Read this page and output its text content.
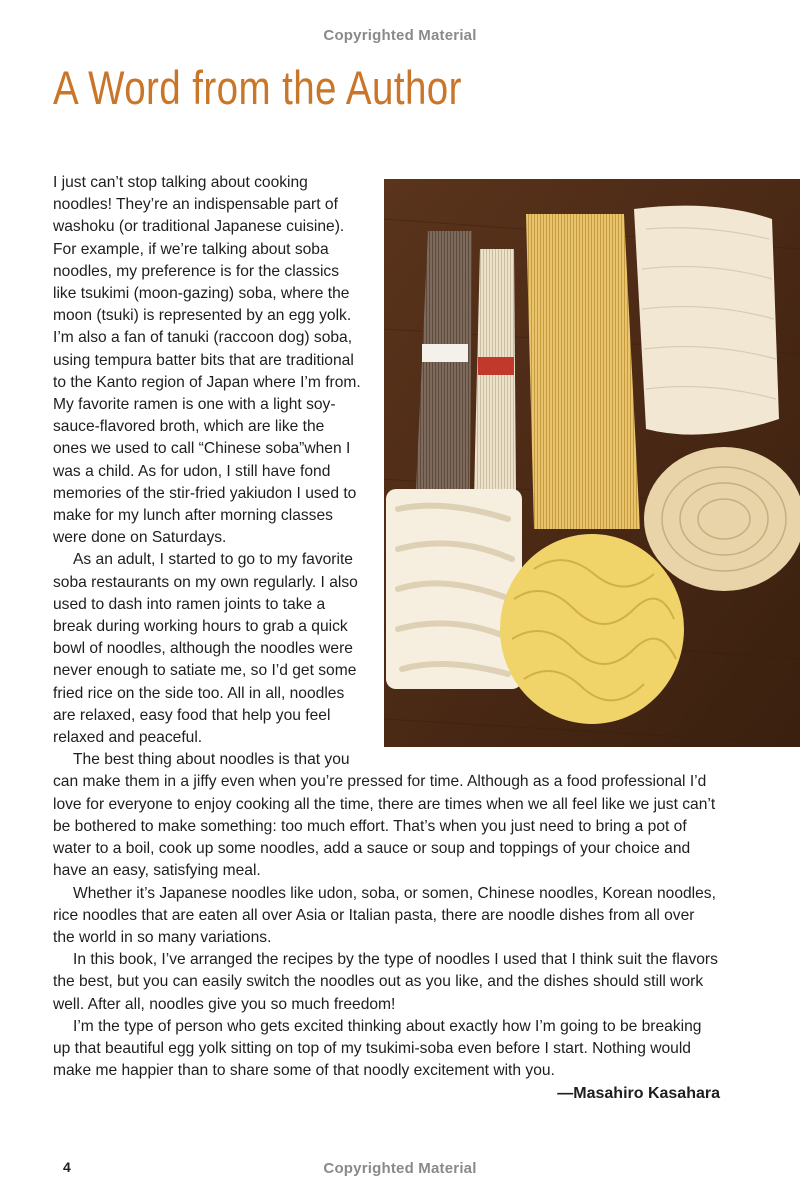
Copyrighted Material
A Word from the Author

I just can’t stop talking about cooking noodles! They’re an indispensable part of washoku (or traditional Japanese cuisine). For example, if we’re talking about soba noodles, my preference is for the classics like tsukimi (moon-gazing) soba, where the moon (tsuki) is represented by an egg yolk. I’m also a fan of tanuki (raccoon dog) soba, using tempura batter bits that are traditional to the Kanto region of Japan where I’m from. My favorite ramen is one with a light soy-sauce-flavored broth, which are like the ones we used to call “Chinese soba”when I was a child. As for udon, I still have fond memories of the stir-fried yakiudon I used to make for my lunch after morning classes were done on Saturdays.

As an adult, I started to go to my favorite soba restaurants on my own regularly. I also used to dash into ramen joints to take a break during working hours to grab a quick bowl of noodles, although the noodles were never enough to satiate me, so I’d get some fried rice on the side too. All in all, noodles are relaxed, easy food that help you feel relaxed and peaceful.

The best thing about noodles is that you can make them in a jiffy even when you’re pressed for time. Although as a food professional I’d love for everyone to enjoy cooking all the time, there are times when we all feel like we just can’t be bothered to make something: too much effort. That’s when you just need to bring a pot of water to a boil, cook up some noodles, add a sauce or soup and toppings of your choice and have an easy, satisfying meal.

Whether it’s Japanese noodles like udon, soba, or somen, Chinese noodles, Korean noodles, rice noodles that are eaten all over Asia or Italian pasta, there are noodle dishes from all over the world in so many variations.

In this book, I’ve arranged the recipes by the type of noodles I used that I think suit the flavors the best, but you can easily switch the noodles out as you like, and the dishes should still work well. After all, noodles give you so much freedom!

I’m the type of person who gets excited thinking about exactly how I’m going to be breaking up that beautiful egg yolk sitting on top of my tsukimi-soba even before I start. Nothing would make me happier than to share some of that noodly excitement with you.

—Masahiro Kasahara
4	Copyrighted Material
